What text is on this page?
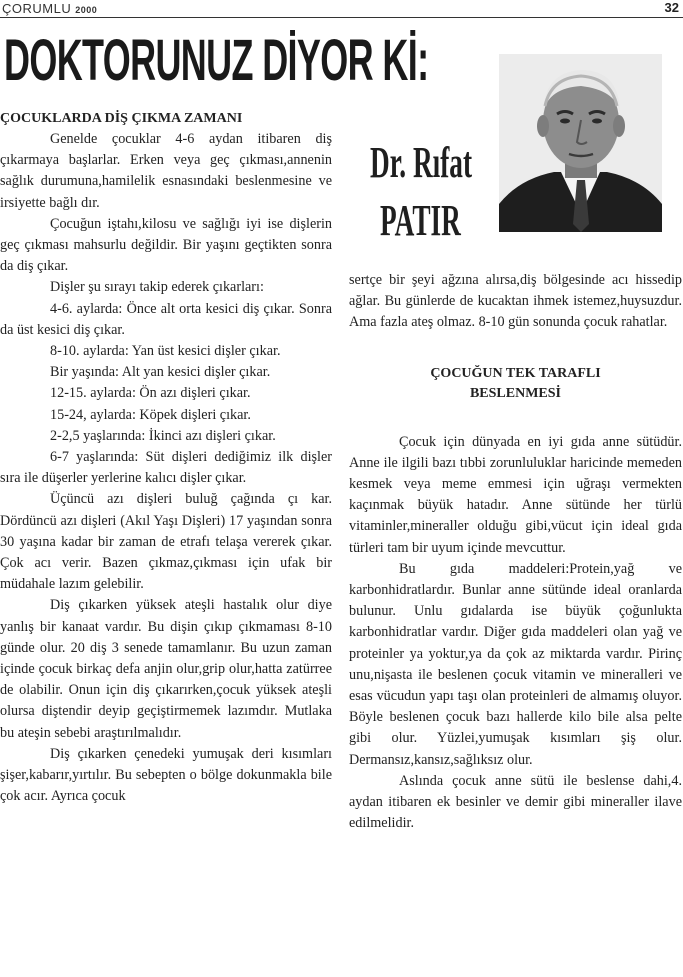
ÇORUMLU 2000	32
DOKTORUNUZ DİYOR Kİ:
Dr. Rıfat
PATIR

ÇOCUKLARDA DİŞ ÇIKMA ZAMANI

Genelde çocuklar 4-6 aydan itibaren diş çıkarmaya başlarlar. Erken veya geç çıkması,annenin sağlık durumuna,hamilelik esnasındaki beslenmesine ve irsiyette bağlı dır.

Çocuğun iştahı,kilosu ve sağlığı iyi ise dişlerin geç çıkması mahsurlu değildir. Bir yaşını geçtikten sonra da diş çıkar.

Dişler şu sırayı takip ederek çıkarları:

4-6. aylarda: Önce alt orta kesici diş çıkar. Sonra da üst kesici diş çıkar.

8-10. aylarda: Yan üst kesici dişler çıkar.

Bir yaşında: Alt yan kesici dişler çıkar.

12-15. aylarda: Ön azı dişleri çıkar.

15-24, aylarda: Köpek dişleri çıkar.

2-2,5 yaşlarında: İkinci azı dişleri çıkar.

6-7 yaşlarında: Süt dişleri dediğimiz ilk dişler sıra ile düşerler yerlerine kalıcı dişler çıkar.

Üçüncü azı dişleri buluğ çağında çı kar. Dördüncü azı dişleri (Akıl Yaşı Dişleri) 17 yaşından sonra 30 yaşına kadar bir zaman de etrafı telaşa vererek çıkar. Çok acı verir. Bazen çıkmaz,çıkması için ufak bir müdahale lazım gelebilir.

Diş çıkarken yüksek ateşli hastalık olur diye yanlış bir kanaat vardır. Bu dişin çıkıp çıkmaması 8-10 günde olur. 20 diş 3 senede tamamlanır. Bu uzun zaman içinde çocuk birkaç defa anjin olur,grip olur,hatta zatürree de olabilir. Onun için diş çıkarırken,çocuk yüksek ateşli olursa diştendir deyip geçiştirmemek lazımdır. Mutlaka bu ateşin sebebi araştırılmalıdır.

Diş çıkarken çenedeki yumuşak deri kısımları şişer,kabarır,yırtılır. Bu sebepten o bölge dokunmakla bile çok acır. Ayrıca çocuk

sertçe bir şeyi ağzına alırsa,diş bölgesinde acı hissedip ağlar. Bu günlerde de kucaktan ihmek istemez,huysuzdur. Ama fazla ateş olmaz. 8-10 gün sonunda çocuk rahatlar.

ÇOCUĞUN TEK TARAFLI
BESLENMESİ

Çocuk için dünyada en iyi gıda anne sütüdür. Anne ile ilgili bazı tıbbi zorunluluklar haricinde memeden kesmek veya meme emmesi için uğraşı vermekten kaçınmak büyük hatadır. Anne sütünde her türlü vitaminler,mineraller olduğu gibi,vücut için ideal gıda türleri tam bir uyum içinde mevcuttur.

Bu gıda maddeleri:Protein,yağ ve karbonhidratlardır. Bunlar anne sütünde ideal oranlarda bulunur. Unlu gıdalarda ise büyük çoğunlukta karbonhidratlar vardır. Diğer gıda maddeleri olan yağ ve proteinler ya yoktur,ya da çok az miktarda vardır. Pirinç unu,nişasta ile beslenen çocuk vitamin ve mineralleri ve esas vücudun yapı taşı olan proteinleri de almamış oluyor. Böyle beslenen çocuk bazı hallerde kilo bile alsa pelte gibi olur. Yüzlei,yumuşak kısımları şiş olur. Dermansız,kansız,sağlıksız olur.

Aslında çocuk anne sütü ile beslense dahi,4. aydan itibaren ek besinler ve demir gibi mineraller ilave edilmelidir.
